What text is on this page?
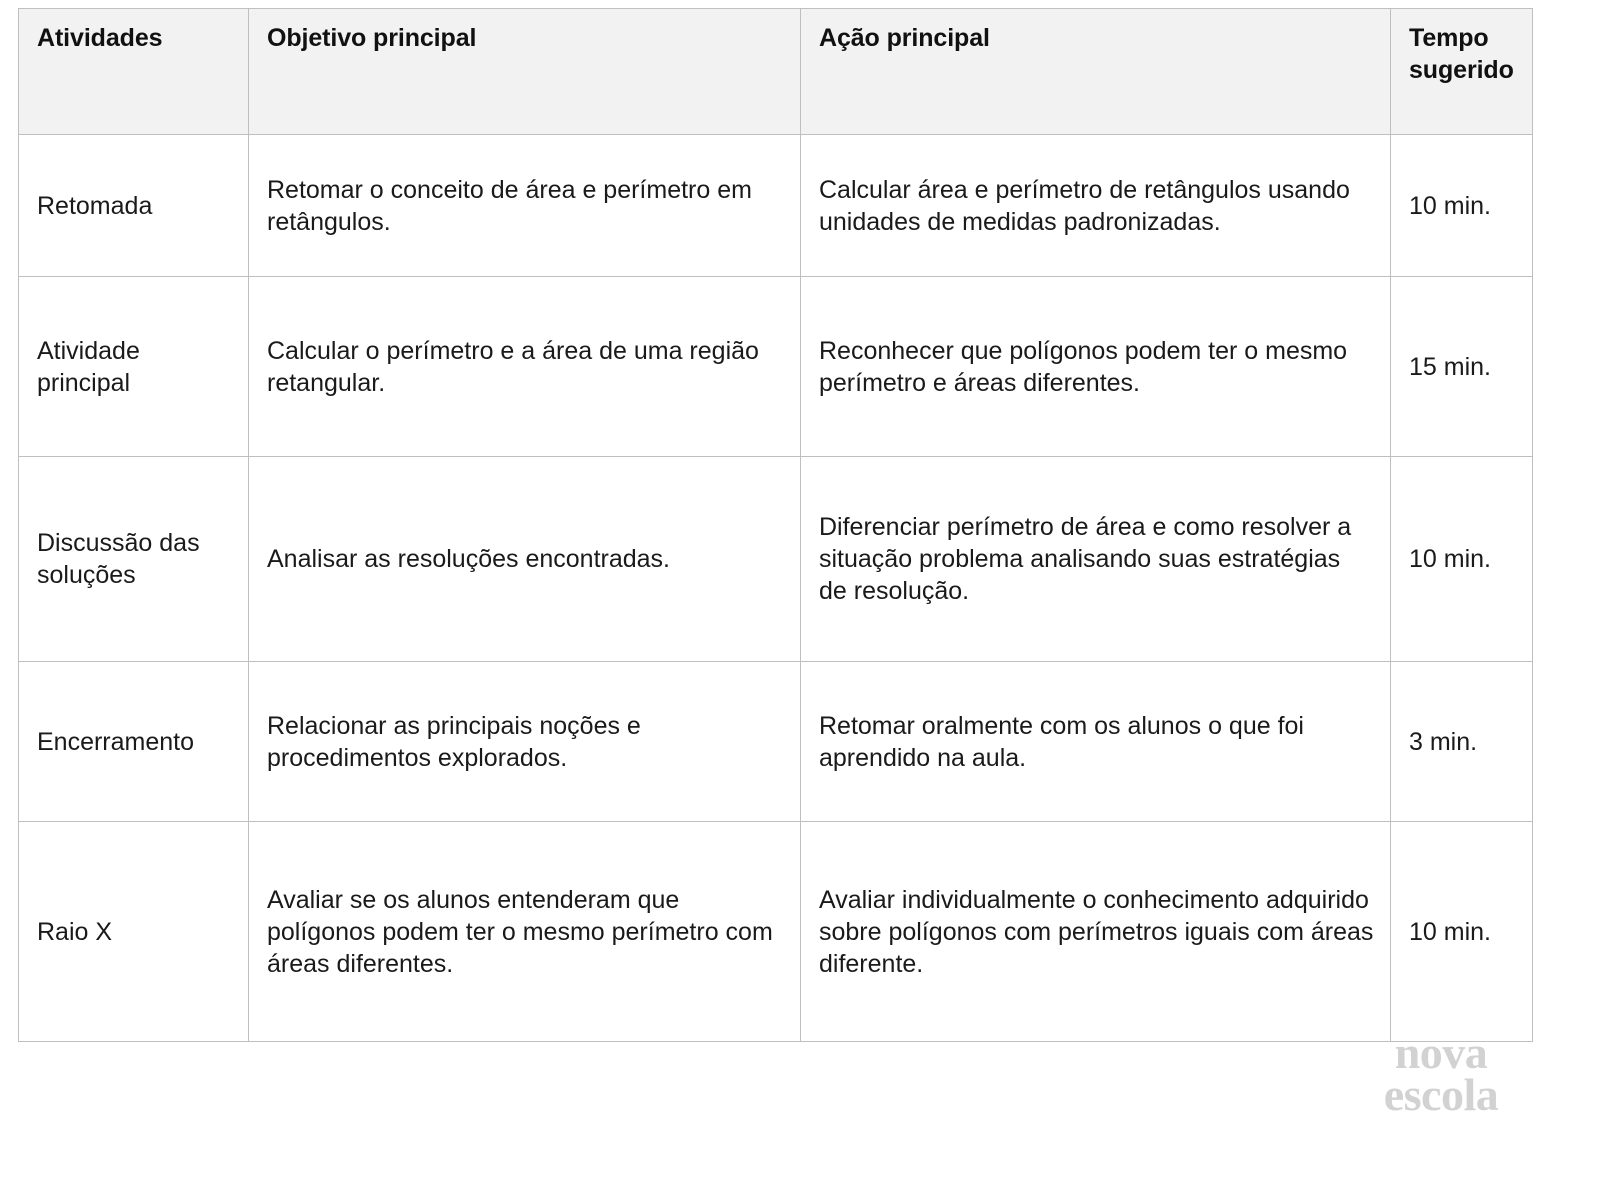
Atividades	Objetivo principal	Ação principal	Tempo
sugerido
Retomada	Retomar o conceito de área e perímetro em retângulos.	Calcular área e perímetro de retângulos usando unidades de medidas padronizadas.	10 min.
Atividade principal	Calcular o perímetro e a área de uma região retangular.	Reconhecer que polígonos podem ter o mesmo perímetro e áreas diferentes.	15 min.
Discussão das soluções	Analisar as resoluções encontradas.	Diferenciar perímetro de área e como resolver a situação problema analisando suas estratégias de resolução.	10 min.
Encerramento	Relacionar as principais noções e procedimentos explorados.	Retomar oralmente com os alunos o que foi aprendido na aula.	3 min.
Raio X	Avaliar se os alunos entenderam que polígonos podem ter o mesmo perímetro com áreas diferentes.	Avaliar individualmente o conhecimento adquirido sobre polígonos com perímetros iguais com áreas diferente.	10 min.
nova
escola
